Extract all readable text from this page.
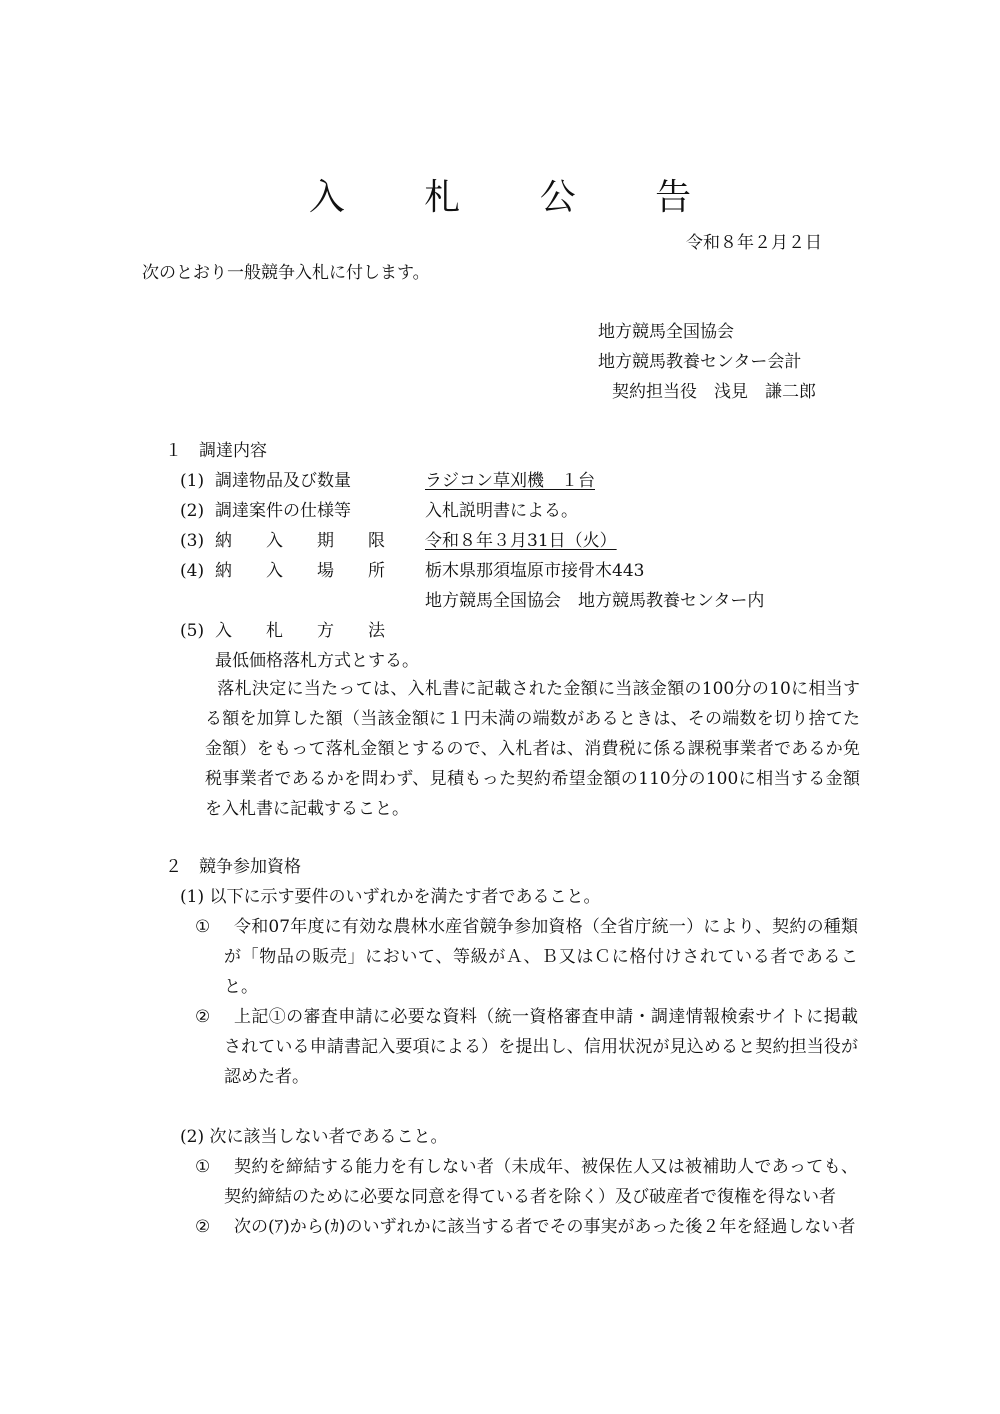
入 札 公 告
令和８年２月２日
次のとおり一般競争入札に付します。
地方競馬全国協会
地方競馬教養センター会計
契約担当役　浅見　謙二郎
１　調達内容
(1) 調達物品及び数量	ラジコン草刈機　１台
(2) 調達案件の仕様等	入札説明書による。
(3) 納　　入　　期　　限 令和８年３月31日（火）
(4) 納　　入　　場　　所 栃木県那須塩原市接骨木443
地方競馬全国協会　地方競馬教養センター内
(5) 入　　札　　方　　法
最低価格落札方式とする。
落札決定に当たっては、入札書に記載された金額に当該金額の100分の10に相当する額を加算した額（当該金額に１円未満の端数があるときは、その端数を切り捨てた金額）をもって落札金額とするので、入札者は、消費税に係る課税事業者であるか免税事業者であるかを問わず、見積もった契約希望金額の110分の100に相当する金額を入札書に記載すること。
２　競争参加資格
(1) 以下に示す要件のいずれかを満たす者であること。
①	令和07年度に有効な農林水産省競争参加資格（全省庁統一）により、契約の種類が「物品の販売」において、等級がＡ、Ｂ又はＣに格付けされている者であること。
②	上記①の審査申請に必要な資料（統一資格審査申請・調達情報検索サイトに掲載されている申請書記入要項による）を提出し、信用状況が見込めると契約担当役が認めた者。
(2) 次に該当しない者であること。
①	契約を締結する能力を有しない者（未成年、被保佐人又は被補助人であっても、契約締結のために必要な同意を得ている者を除く）及び破産者で復権を得ない者
②	次の(ｱ)から(ｶ)のいずれかに該当する者でその事実があった後２年を経過しない者
